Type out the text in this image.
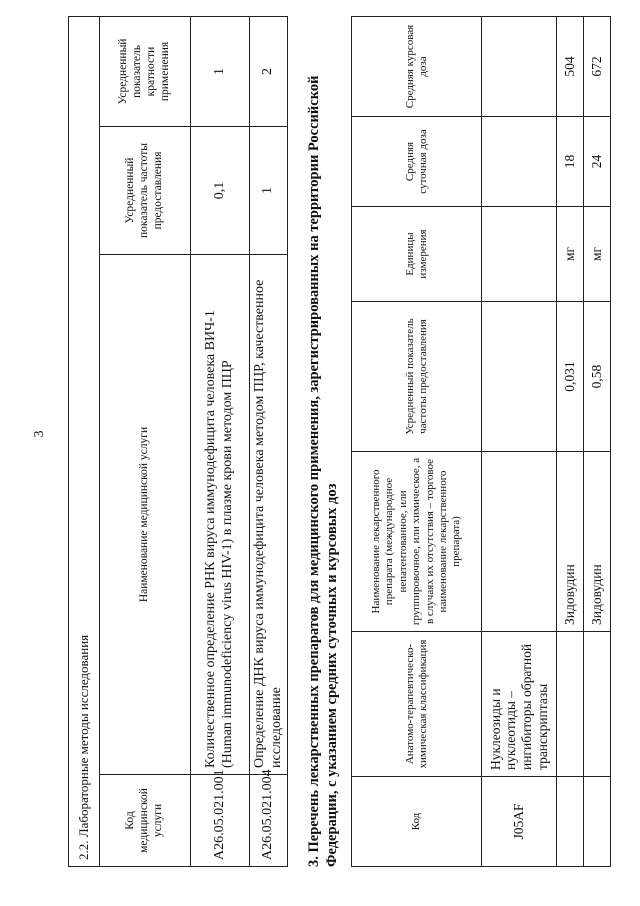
3
2.2. Лабораторные методы исследования			
Код медицинской услуги	Наименование медицинской услуги	Усредненный показатель частоты предоставления	Усредненный показатель кратности применения
A26.05.021.001	Количественное определение РНК вируса иммунодефицита человека ВИЧ-1 (Human immunodeficiency virus HIV-1) в плазме крови методом ПЦР	0,1	1
A26.05.021.004	Определение ДНК вируса иммунодефицита человека методом ПЦР, качественное исследование	1	2
3. Перечень лекарственных препаратов для медицинского применения, зарегистрированных на территории Российской Федерации, с указанием средних суточных и курсовых доз	Код	Анатомо-терапевтическо-химическая классификация	Наименование лекарственного препарата (международное непатентованное, или группировочное, или химическое, а в случаях их отсутствия – торговое наименование лекарственного препарата)	Усредненный показатель частоты предоставления	Единицы измерения	Средняя суточная доза	Средняя курсовая доза
J05AF	Нуклеозиды и нуклеотиды – ингибиторы обратной транскриптазы					
		Зидовудин	0,031	мг	18	504
		Зидовудин	0,58	мг	24	672
